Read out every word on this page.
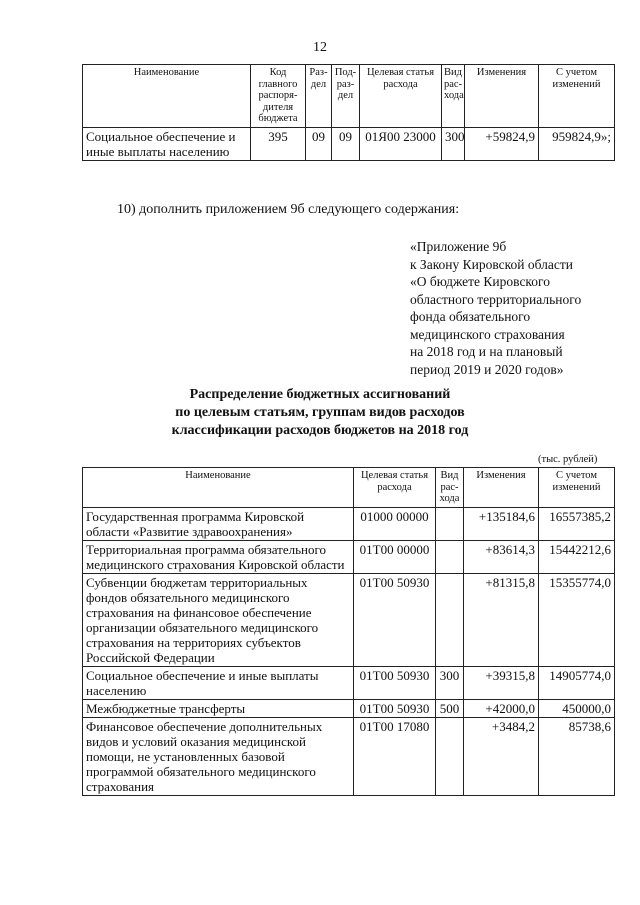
12
Наименование	Код главного распоря-дителя бюджета	Раз-дел	Под-раз-дел	Целевая статья расхода	Вид рас-хода	Изменения	С учетом изменений
Социальное обеспечение и иные выплаты населению	395	09	09	01Я00 23000	300	+59824,9	959824,9»;
10) дополнить приложением 9б следующего содержания:
«Приложение 9б
к Закону Кировской области
«О бюджете Кировского
областного территориального
фонда обязательного
медицинского страхования
на 2018 год и на плановый
период 2019 и 2020 годов»
Распределение бюджетных ассигнований
по целевым статьям, группам видов расходов
классификации расходов бюджетов на 2018 год
(тыс. рублей)
Наименование	Целевая статья расхода	Вид рас-хода	Изменения	С учетом изменений
Государственная программа Кировской области «Развитие здравоохранения»	01000 00000		+135184,6	16557385,2
Территориальная программа обязательного медицинского страхования Кировской области	01Т00 00000		+83614,3	15442212,6
Субвенции бюджетам территориальных фондов обязательного медицинского страхования на финансовое обеспечение организации обязательного медицинского страхования на территориях субъектов Российской Федерации	01Т00 50930		+81315,8	15355774,0
Социальное обеспечение и иные выплаты населению	01Т00 50930	300	+39315,8	14905774,0
Межбюджетные трансферты	01Т00 50930	500	+42000,0	450000,0
Финансовое обеспечение дополнительных видов и условий оказания медицинской помощи, не установленных базовой программой обязательного медицинского страхования	01Т00 17080		+3484,2	85738,6
